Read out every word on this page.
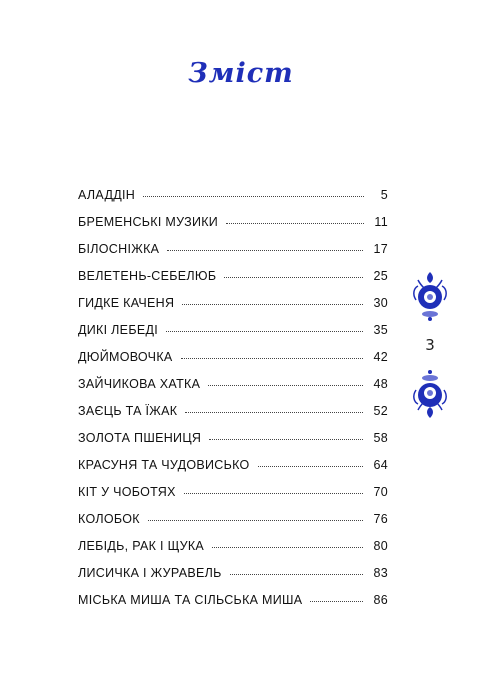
Зміст
АЛАДДІН	5
БРЕМЕНСЬКІ МУЗИКИ	11
БІЛОСНІЖКА	17
ВЕЛЕТЕНЬ-СЕБЕЛЮБ	25
ГИДКЕ КАЧЕНЯ	30
ДИКІ ЛЕБЕДІ	35
ДЮЙМОВОЧКА	42
ЗАЙЧИКОВА ХАТКА	48
ЗАЄЦЬ ТА ЇЖАК	52
ЗОЛОТА ПШЕНИЦЯ	58
КРАСУНЯ ТА ЧУДОВИСЬКО	64
КІТ У ЧОБОТЯХ	70
КОЛОБОК	76
ЛЕБІДЬ, РАК І ЩУКА	80
ЛИСИЧКА І ЖУРАВЕЛЬ	83
МІСЬКА МИША ТА СІЛЬСЬКА МИША	86
3
